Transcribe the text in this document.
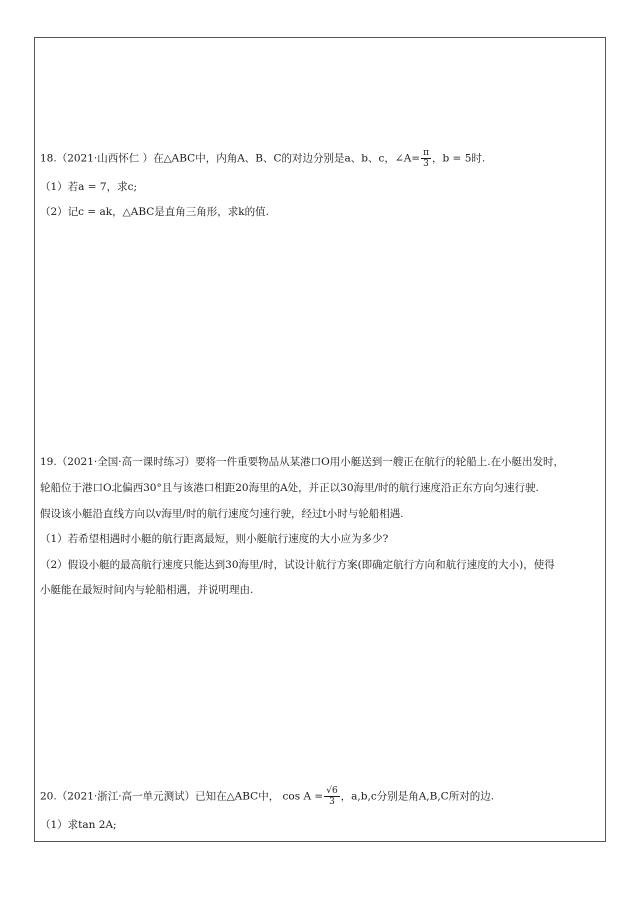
18.（2021·山西怀仁 ）在△ABC中，内角A、B、C的对边分别是a、b、c，∠A= $\frac{\pi}{3}$ ，b = 5时.
（1）若a = 7，求c;
（2）记c = ak，△ABC是直角三角形，求k的值.
19.（2021·全国·高一课时练习）要将一件重要物品从某港口O用小艇送到一艘正在航行的轮船上.在小艇出发时，
轮船位于港口O北偏西30°且与该港口相距20海里的A处，并正以30海里/时的航行速度沿正东方向匀速行驶.
假设该小艇沿直线方向以v海里/时的航行速度匀速行驶，经过t小时与轮船相遇.
（1）若希望相遇时小艇的航行距离最短，则小艇航行速度的大小应为多少?
（2）假设小艇的最高航行速度只能达到30海里/时，试设计航行方案(即确定航行方向和航行速度的大小)，使得
小艇能在最短时间内与轮船相遇，并说明理由.
20.（2021·浙江·高一单元测试）已知在△ABC中， $\cos A = \frac{√6}{3}$ ，a,b,c分别是角A,B,C所对的边.
（1）求tan 2A;
